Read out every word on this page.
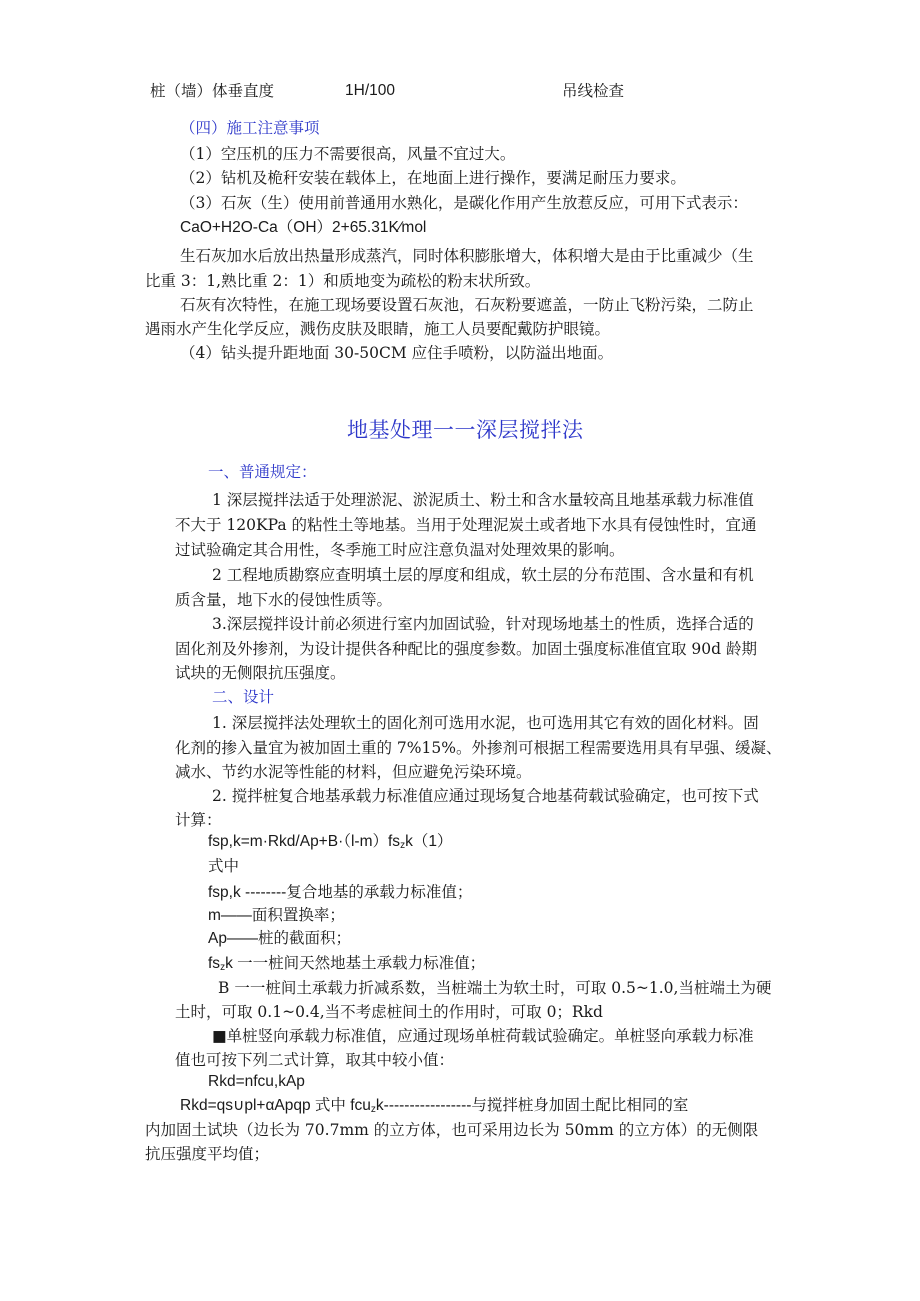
桩（墙）体垂直度	1H/100	吊线检查
（四）施工注意事项
（1）空压机的压力不需要很高，风量不宜过大。
（2）钻机及桅秆安装在载体上，在地面上进行操作，要满足耐压力要求。
（3）石灰（生）使用前普通用水熟化，是碳化作用产生放惹反应，可用下式表示：
CaO+H2O-Ca（OH）2+65.31K∕mol
生石灰加水后放出热量形成蒸汽，同时体积膨胀增大，体积增大是由于比重减少（生
比重 3：1,熟比重 2：1）和质地变为疏松的粉末状所致。
石灰有次特性，在施工现场要设置石灰池，石灰粉要遮盖，一防止飞粉污染，二防止
遇雨水产生化学反应，溅伤皮肤及眼睛，施工人员要配戴防护眼镜。
（4）钻头提升距地面 30-50CM 应住手喷粉，以防溢出地面。
地基处理一一深层搅拌法
一、普通规定：
1 深层搅拌法适于处理淤泥、淤泥质土、粉土和含水量较高且地基承载力标准值
不大于 120KPa 的粘性土等地基。当用于处理泥炭土或者地下水具有侵蚀性时，宜通
过试验确定其合用性，冬季施工时应注意负温对处理效果的影响。
2 工程地质勘察应查明填土层的厚度和组成，软土层的分布范围、含水量和有机
质含量，地下水的侵蚀性质等。
3.深层搅拌设计前必须进行室内加固试验，针对现场地基土的性质，选择合适的
固化剂及外掺剂，为设计提供各种配比的强度参数。加固土强度标准值宜取 90d 龄期
试块的无侧限抗压强度。
二、设计
1. 深层搅拌法处理软土的固化剂可选用水泥，也可选用其它有效的固化材料。固
化剂的掺入量宜为被加固土重的 7%15%。外掺剂可根据工程需要选用具有早强、缓凝、
减水、节约水泥等性能的材料，但应避免污染环境。
2. 搅拌桩复合地基承载力标准值应通过现场复合地基荷载试验确定，也可按下式
计算：
$fsp,k=m\cdot Rkd/Ap+B\cdot(l-m)fs_zk(1)$
式中
fsp,k --------复合地基的承载力标准值；
m——面积置换率；
Ap——桩的截面积；
$fs_zk$ 一一桩间天然地基土承载力标准值；
B 一一桩间土承载力折减系数，当桩端土为软土时，可取 0.5~1.0,当桩端土为硬
土时，可取 0.1~0.4,当不考虑桩间土的作用时，可取 0；Rkd
■单桩竖向承载力标准值，应通过现场单桩荷载试验确定。单桩竖向承载力标准
值也可按下列二式计算，取其中较小值：
Rkd=nfcu,kAp
Rkd=qs∪pl+αApqp 式中 fcu$_z$k-----------------与搅拌桩身加固土配比相同的室
内加固土试块（边长为 70.7mm 的立方体，也可采用边长为 50mm 的立方体）的无侧限
抗压强度平均值；
